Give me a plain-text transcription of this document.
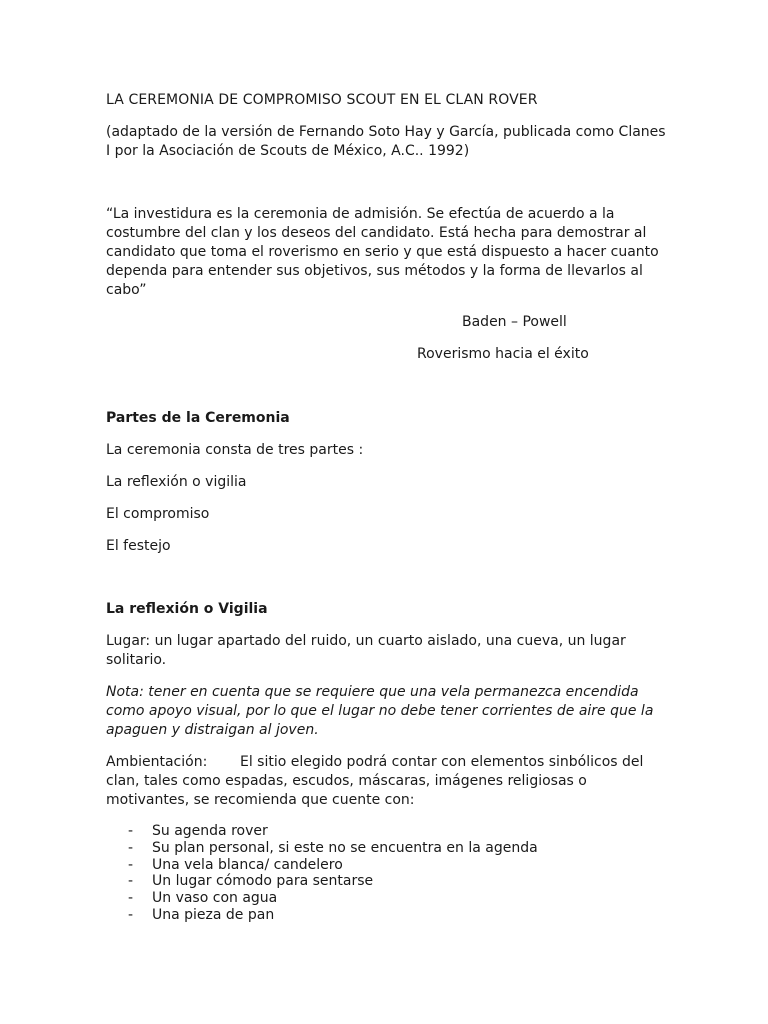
LA CEREMONIA DE COMPROMISO SCOUT EN EL CLAN ROVER

(adaptado de la versión de Fernando Soto Hay y García, publicada como Clanes

I por la Asociación de Scouts de México, A.C.. 1992)

“La investidura es la ceremonia de admisión. Se efectúa de acuerdo a la

costumbre del clan y los deseos del candidato. Está hecha para demostrar al

candidato que toma el roverismo en serio y que está dispuesto a hacer cuanto

dependa para entender sus objetivos, sus métodos y la forma de llevarlos al

cabo”

Baden – Powell

Roverismo hacia el éxito

Partes de la Ceremonia

La ceremonia consta de tres partes :

La reflexión o vigilia

El compromiso

El festejo

La reflexión o Vigilia

Lugar: un lugar apartado del ruido, un cuarto aislado, una cueva, un lugar

solitario.

Nota: tener en cuenta que se requiere que una vela permanezca encendida

como apoyo visual, por lo que el lugar no debe tener corrientes de aire que la

apaguen y distraigan al joven.

Ambientación: El sitio elegido podrá contar con elementos sinbólicos del

clan, tales como espadas, escudos, máscaras, imágenes religiosas o

motivantes, se recomienda que cuente con:

- Su agenda rover
- Su plan personal, si este no se encuentra en la agenda
- Una vela blanca/ candelero
- Un lugar cómodo para sentarse
- Un vaso con agua
- Una pieza de pan
